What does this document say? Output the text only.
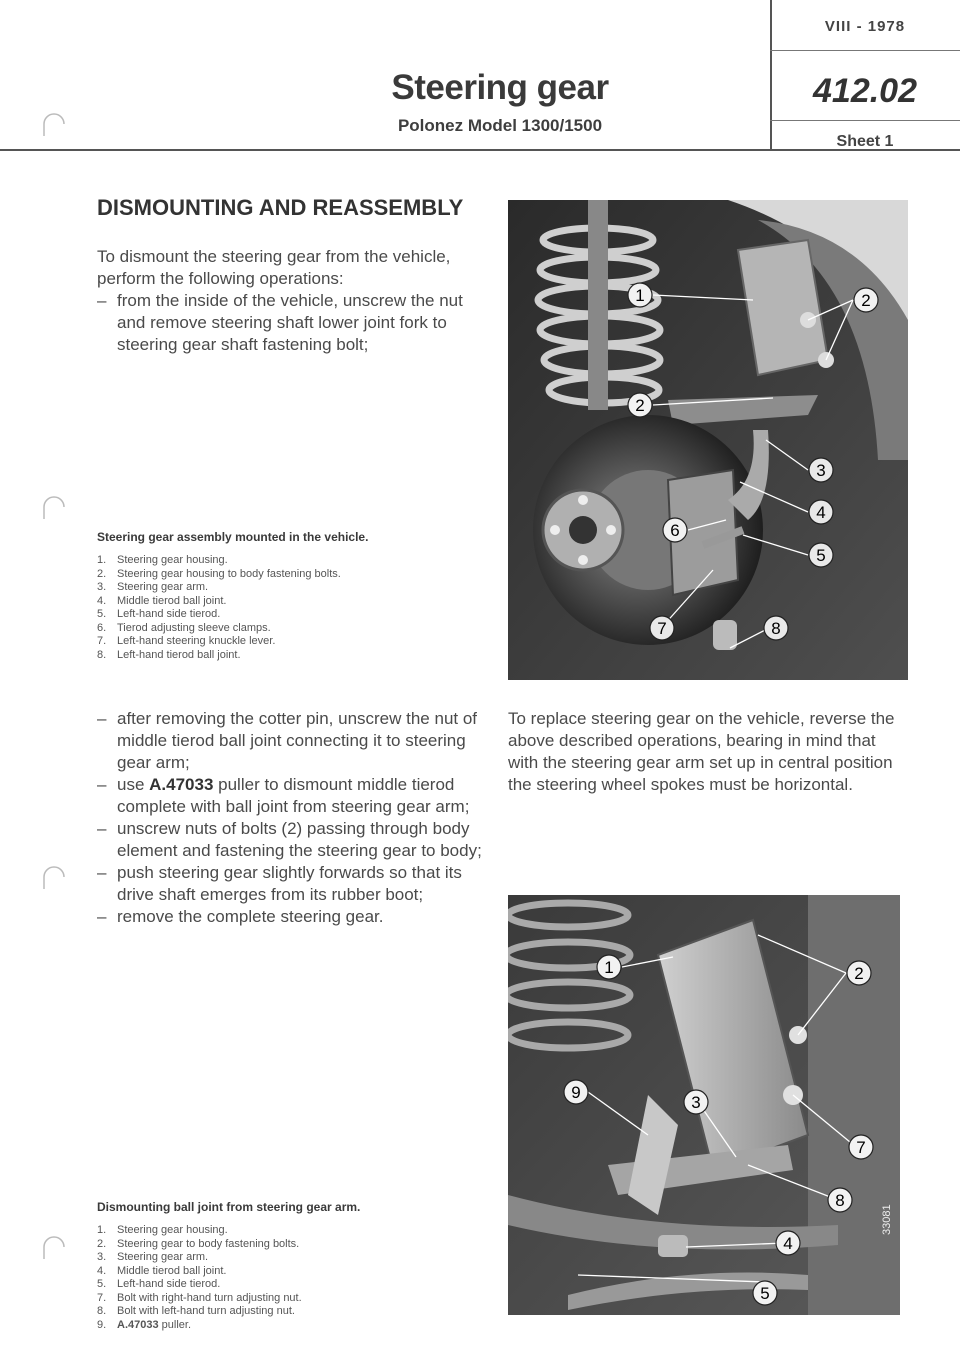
Steering gear
Polonez Model 1300/1500
VIII - 1978
412.02
Sheet 1
DISMOUNTING AND REASSEMBLY
To dismount the steering gear from the vehicle, perform the following operations:
– from the inside of the vehicle, unscrew the nut and remove steering shaft lower joint fork to steering gear shaft fastening bolt;
Steering gear assembly mounted in the vehicle.
1. Steering gear housing.
2. Steering gear housing to body fastening bolts.
3. Steering gear arm.
4. Middle tierod ball joint.
5. Left-hand side tierod.
6. Tierod adjusting sleeve clamps.
7. Left-hand steering knuckle lever.
8. Left-hand tierod ball joint.
1	2
2
3
4
5
6
7	8
– after removing the cotter pin, unscrew the nut of middle tierod ball joint connecting it to steering gear arm;
– use A.47033 puller to dismount middle tierod complete with ball joint from steering gear arm;
– unscrew nuts of bolts (2) passing through body element and fastening the steering gear to body;
– push steering gear slightly forwards so that its drive shaft emerges from its rubber boot;
– remove the complete steering gear.
To replace steering gear on the vehicle, reverse the above described operations, bearing in mind that with the steering gear arm set up in central position the steering wheel spokes must be horizontal.
Dismounting ball joint from steering gear arm.
1. Steering gear housing.
2. Steering gear to body fastening bolts.
3. Steering gear arm.
4. Middle tierod ball joint.
5. Left-hand side tierod.
7. Bolt with right-hand turn adjusting nut.
8. Bolt with left-hand turn adjusting nut.
9. A.47033 puller.
1	2
3
9
7
8
4
5
33081
